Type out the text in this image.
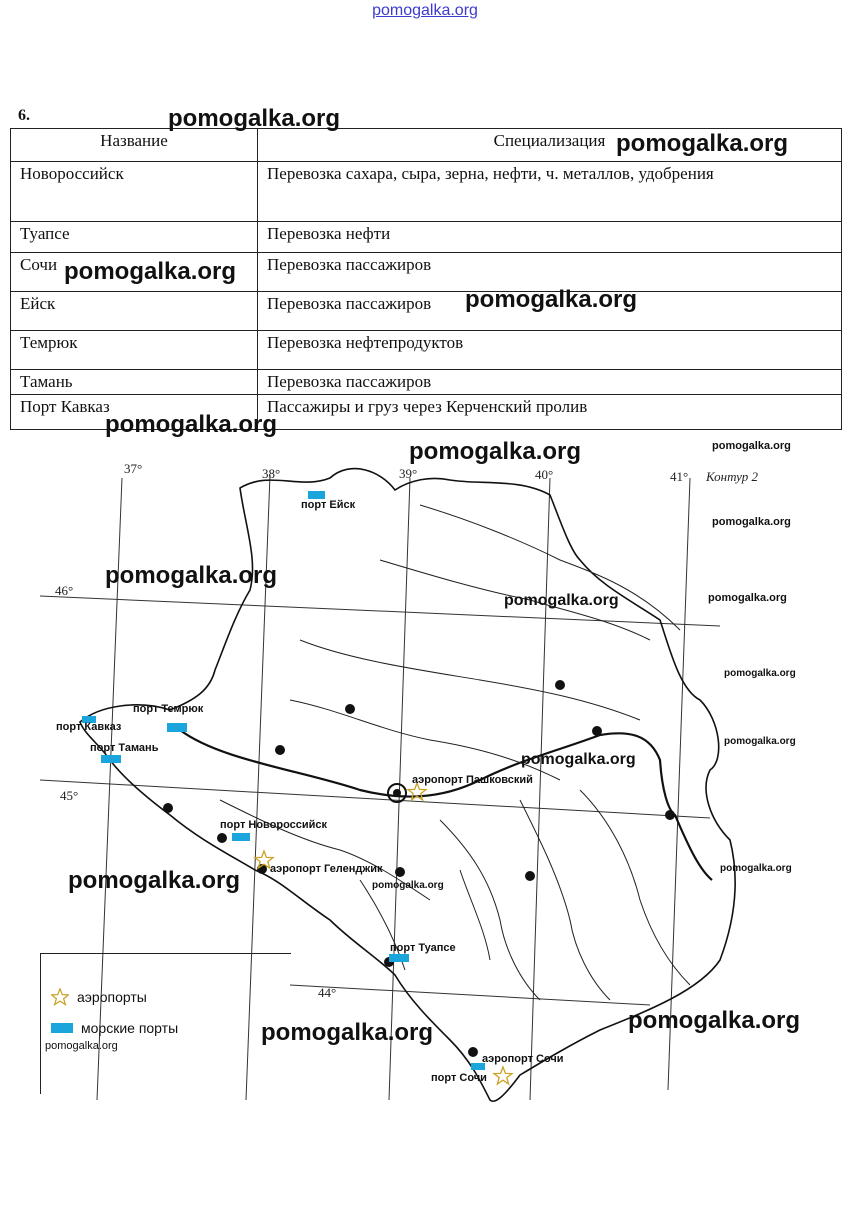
pomogalka.org
6.
Название	Специализация
Новороссийск	Перевозка сахара, сыра, зерна, нефти, ч. металлов, удобрения
Туапсе	Перевозка нефти
Сочи	Перевозка пассажиров
Ейск	Перевозка пассажиров
Темрюк	Перевозка нефтепродуктов
Тамань	Перевозка пассажиров
Порт Кавказ	Пассажиры и груз через Керченский пролив
37°	38°	39°	40°	41° Контур 2
46°
45°
44°
порт Ейск
порт Темрюк
порт Кавказ
порт Тамань
аэропорт Пашковский
порт Новороссийск
аэропорт Геленджик
порт Туапсе
аэропорт Сочи
порт Сочи
аэропорты
морские порты
pomogalka.org
pomogalka.org
pomogalka.org
pomogalka.org
pomogalka.org
pomogalka.org
pomogalka.org
pomogalka.org
pomogalka.org	pomogalka.org
pomogalka.org
pomogalka.org
pomogalka.org
pomogalka.org
pomogalka.org
pomogalka.org
pomogalka.org
pomogalka.org
pomogalka.org
pomogalka.org
